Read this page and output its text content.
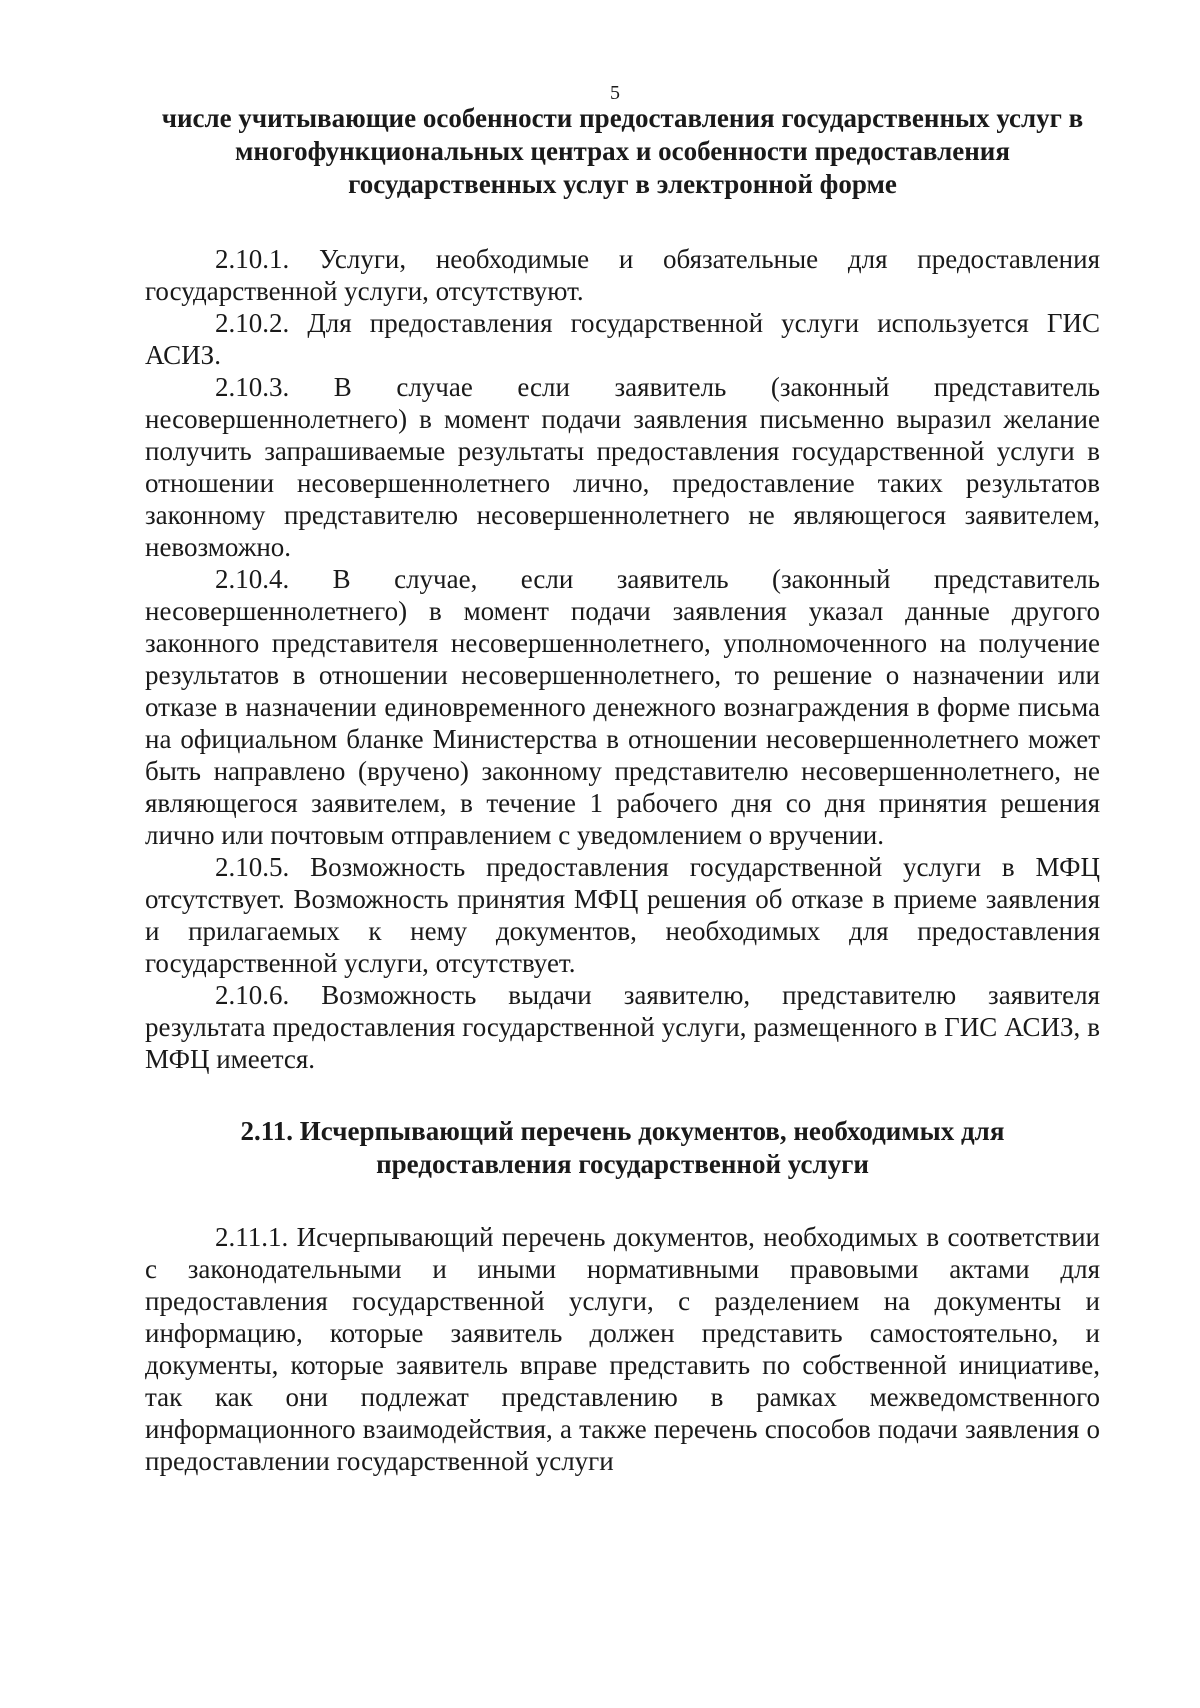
5

числе учитывающие особенности предоставления государственных услуг в многофункциональных центрах и особенности предоставления государственных услуг в электронной форме

2.10.1. Услуги, необходимые и обязательные для предоставления государственной услуги, отсутствуют.

2.10.2. Для предоставления государственной услуги используется ГИС АСИЗ.

2.10.3. В случае если заявитель (законный представитель несовершеннолетнего) в момент подачи заявления письменно выразил желание получить запрашиваемые результаты предоставления государственной услуги в отношении несовершеннолетнего лично, предоставление таких результатов законному представителю несовершеннолетнего не являющегося заявителем, невозможно.

2.10.4. В случае, если заявитель (законный представитель несовершеннолетнего) в момент подачи заявления указал данные другого законного представителя несовершеннолетнего, уполномоченного на получение результатов в отношении несовершеннолетнего, то решение о назначении или отказе в назначении единовременного денежного вознаграждения в форме письма на официальном бланке Министерства в отношении несовершеннолетнего может быть направлено (вручено) законному представителю несовершеннолетнего, не являющегося заявителем, в течение 1 рабочего дня со дня принятия решения лично или почтовым отправлением с уведомлением о вручении.

2.10.5. Возможность предоставления государственной услуги в МФЦ отсутствует. Возможность принятия МФЦ решения об отказе в приеме заявления и прилагаемых к нему документов, необходимых для предоставления государственной услуги, отсутствует.

2.10.6. Возможность выдачи заявителю, представителю заявителя результата предоставления государственной услуги, размещенного в ГИС АСИЗ, в МФЦ имеется.

2.11. Исчерпывающий перечень документов, необходимых для предоставления государственной услуги

2.11.1. Исчерпывающий перечень документов, необходимых в соответствии с законодательными и иными нормативными правовыми актами для предоставления государственной услуги, с разделением на документы и информацию, которые заявитель должен представить самостоятельно, и документы, которые заявитель вправе представить по собственной инициативе, так как они подлежат представлению в рамках межведомственного информационного взаимодействия, а также перечень способов подачи заявления о предоставлении государственной услуги
